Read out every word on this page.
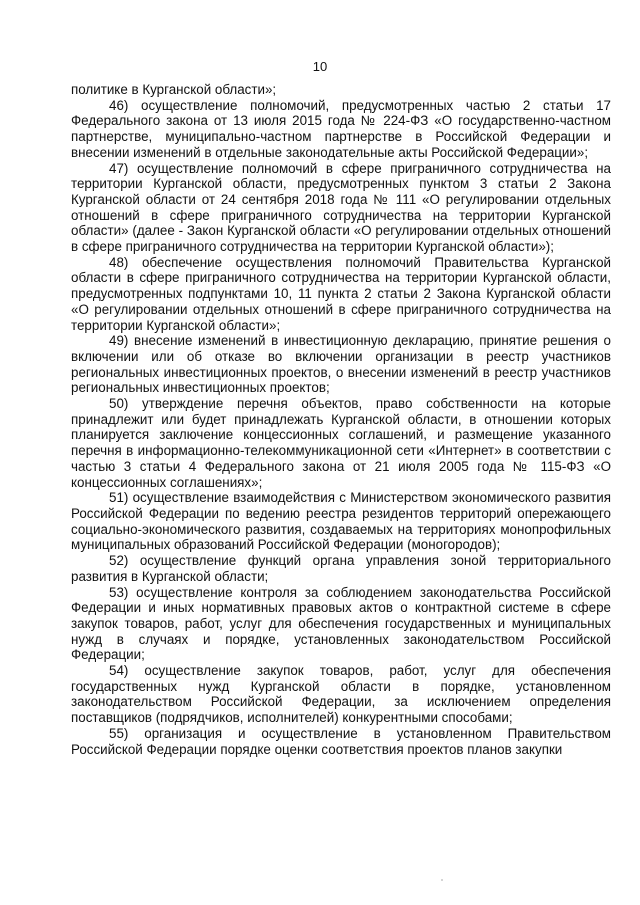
10

политике в Курганской области»;

46) осуществление полномочий, предусмотренных частью 2 статьи 17 Федерального закона от 13 июля 2015 года № 224-ФЗ «О государственно-частном партнерстве, муниципально-частном партнерстве в Российской Федерации и внесении изменений в отдельные законодательные акты Российской Федерации»;

47) осуществление полномочий в сфере приграничного сотрудничества на территории Курганской области, предусмотренных пунктом 3 статьи 2 Закона Курганской области от 24 сентября 2018 года № 111 «О регулировании отдельных отношений в сфере приграничного сотрудничества на территории Курганской области» (далее - Закон Курганской области «О регулировании отдельных отношений в сфере приграничного сотрудничества на территории Курганской области»);

48) обеспечение осуществления полномочий Правительства Курганской области в сфере приграничного сотрудничества на территории Курганской области, предусмотренных подпунктами 10, 11 пункта 2 статьи 2 Закона Курганской области «О регулировании отдельных отношений в сфере приграничного сотрудничества на территории Курганской области»;

49) внесение изменений в инвестиционную декларацию, принятие решения о включении или об отказе во включении организации в реестр участников региональных инвестиционных проектов, о внесении изменений в реестр участников региональных инвестиционных проектов;

50) утверждение перечня объектов, право собственности на которые принадлежит или будет принадлежать Курганской области, в отношении которых планируется заключение концессионных соглашений, и размещение указанного перечня в информационно-телекоммуникационной сети «Интернет» в соответствии с частью 3 статьи 4 Федерального закона от 21 июля 2005 года № 115-ФЗ «О концессионных соглашениях»;

51) осуществление взаимодействия с Министерством экономического развития Российской Федерации по ведению реестра резидентов территорий опережающего социально-экономического развития, создаваемых на территориях монопрофильных муниципальных образований Российской Федерации (моногородов);

52) осуществление функций органа управления зоной территориального развития в Курганской области;

53) осуществление контроля за соблюдением законодательства Российской Федерации и иных нормативных правовых актов о контрактной системе в сфере закупок товаров, работ, услуг для обеспечения государственных и муниципальных нужд в случаях и порядке, установленных законодательством Российской Федерации;

54) осуществление закупок товаров, работ, услуг для обеспечения государственных нужд Курганской области в порядке, установленном законодательством Российской Федерации, за исключением определения поставщиков (подрядчиков, исполнителей) конкурентными способами;

55) организация и осуществление в установленном Правительством Российской Федерации порядке оценки соответствия проектов планов закупки
